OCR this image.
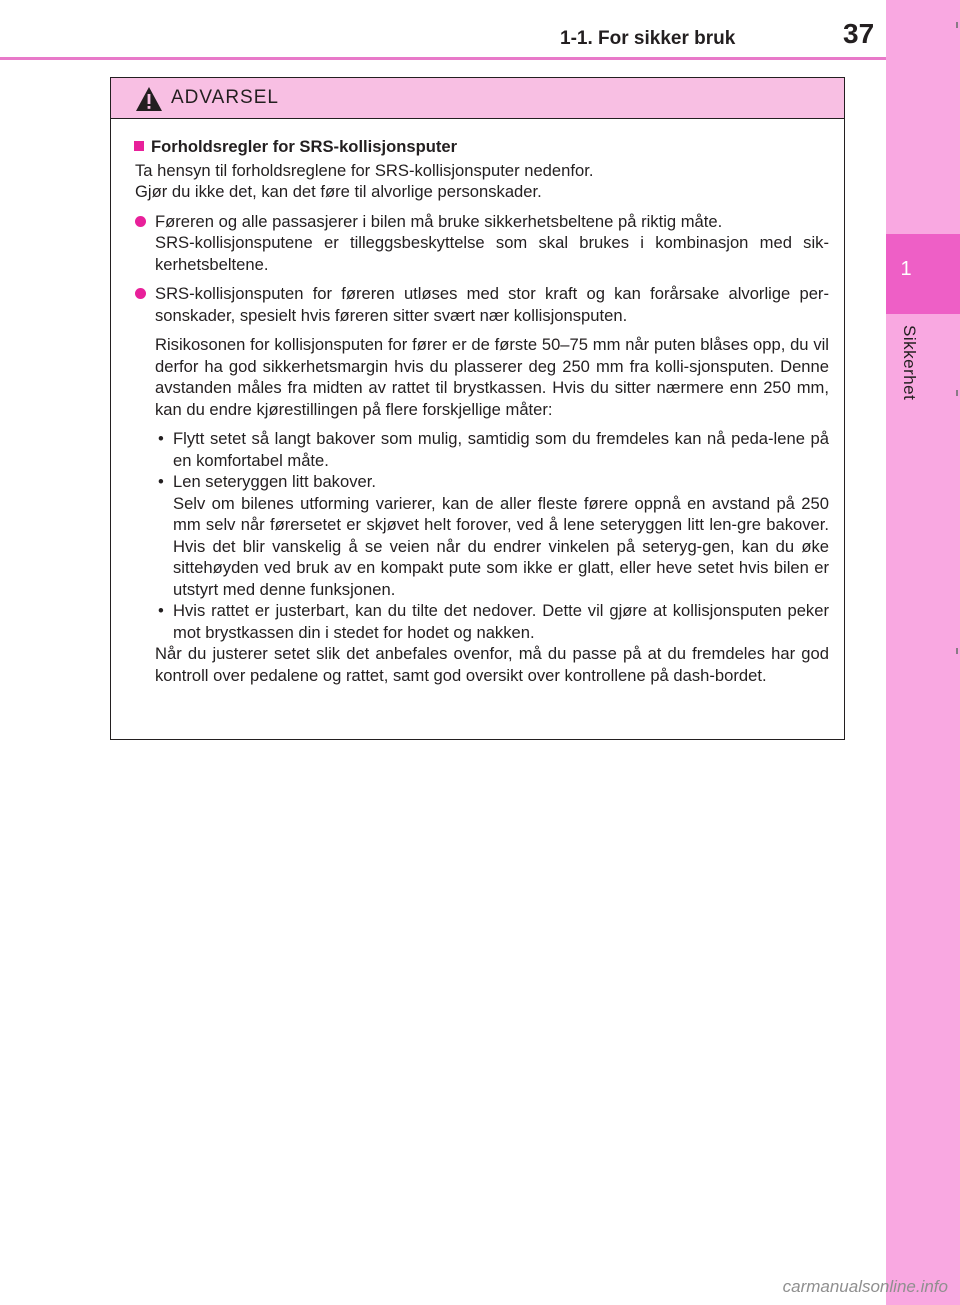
1-1. For sikker bruk	37
1
Sikkerhet
ADVARSEL
Forholdsregler for SRS-kollisjonsputer
Ta hensyn til forholdsreglene for SRS-kollisjonsputer nedenfor.
Gjør du ikke det, kan det føre til alvorlige personskader.
Føreren og alle passasjerer i bilen må bruke sikkerhetsbeltene på riktig måte.
SRS-kollisjonsputene er tilleggsbeskyttelse som skal brukes i kombinasjon med sik-kerhetsbeltene.
SRS-kollisjonsputen for føreren utløses med stor kraft og kan forårsake alvorlige per-sonskader, spesielt hvis føreren sitter svært nær kollisjonsputen.
Risikosonen for kollisjonsputen for fører er de første 50–75 mm når puten blåses opp, du vil derfor ha god sikkerhetsmargin hvis du plasserer deg 250 mm fra kolli-sjonsputen. Denne avstanden måles fra midten av rattet til brystkassen. Hvis du sitter nærmere enn 250 mm, kan du endre kjørestillingen på flere forskjellige måter:
• Flytt setet så langt bakover som mulig, samtidig som du fremdeles kan nå peda-lene på en komfortabel måte.
• Len seteryggen litt bakover.
Selv om bilenes utforming varierer, kan de aller fleste førere oppnå en avstand på 250 mm selv når førersetet er skjøvet helt forover, ved å lene seteryggen litt len-gre bakover. Hvis det blir vanskelig å se veien når du endrer vinkelen på seteryg-gen, kan du øke sittehøyden ved bruk av en kompakt pute som ikke er glatt, eller heve setet hvis bilen er utstyrt med denne funksjonen.
• Hvis rattet er justerbart, kan du tilte det nedover. Dette vil gjøre at kollisjonsputen peker mot brystkassen din i stedet for hodet og nakken.
Når du justerer setet slik det anbefales ovenfor, må du passe på at du fremdeles har god kontroll over pedalene og rattet, samt god oversikt over kontrollene på dash-bordet.
carmanualsonline.info
